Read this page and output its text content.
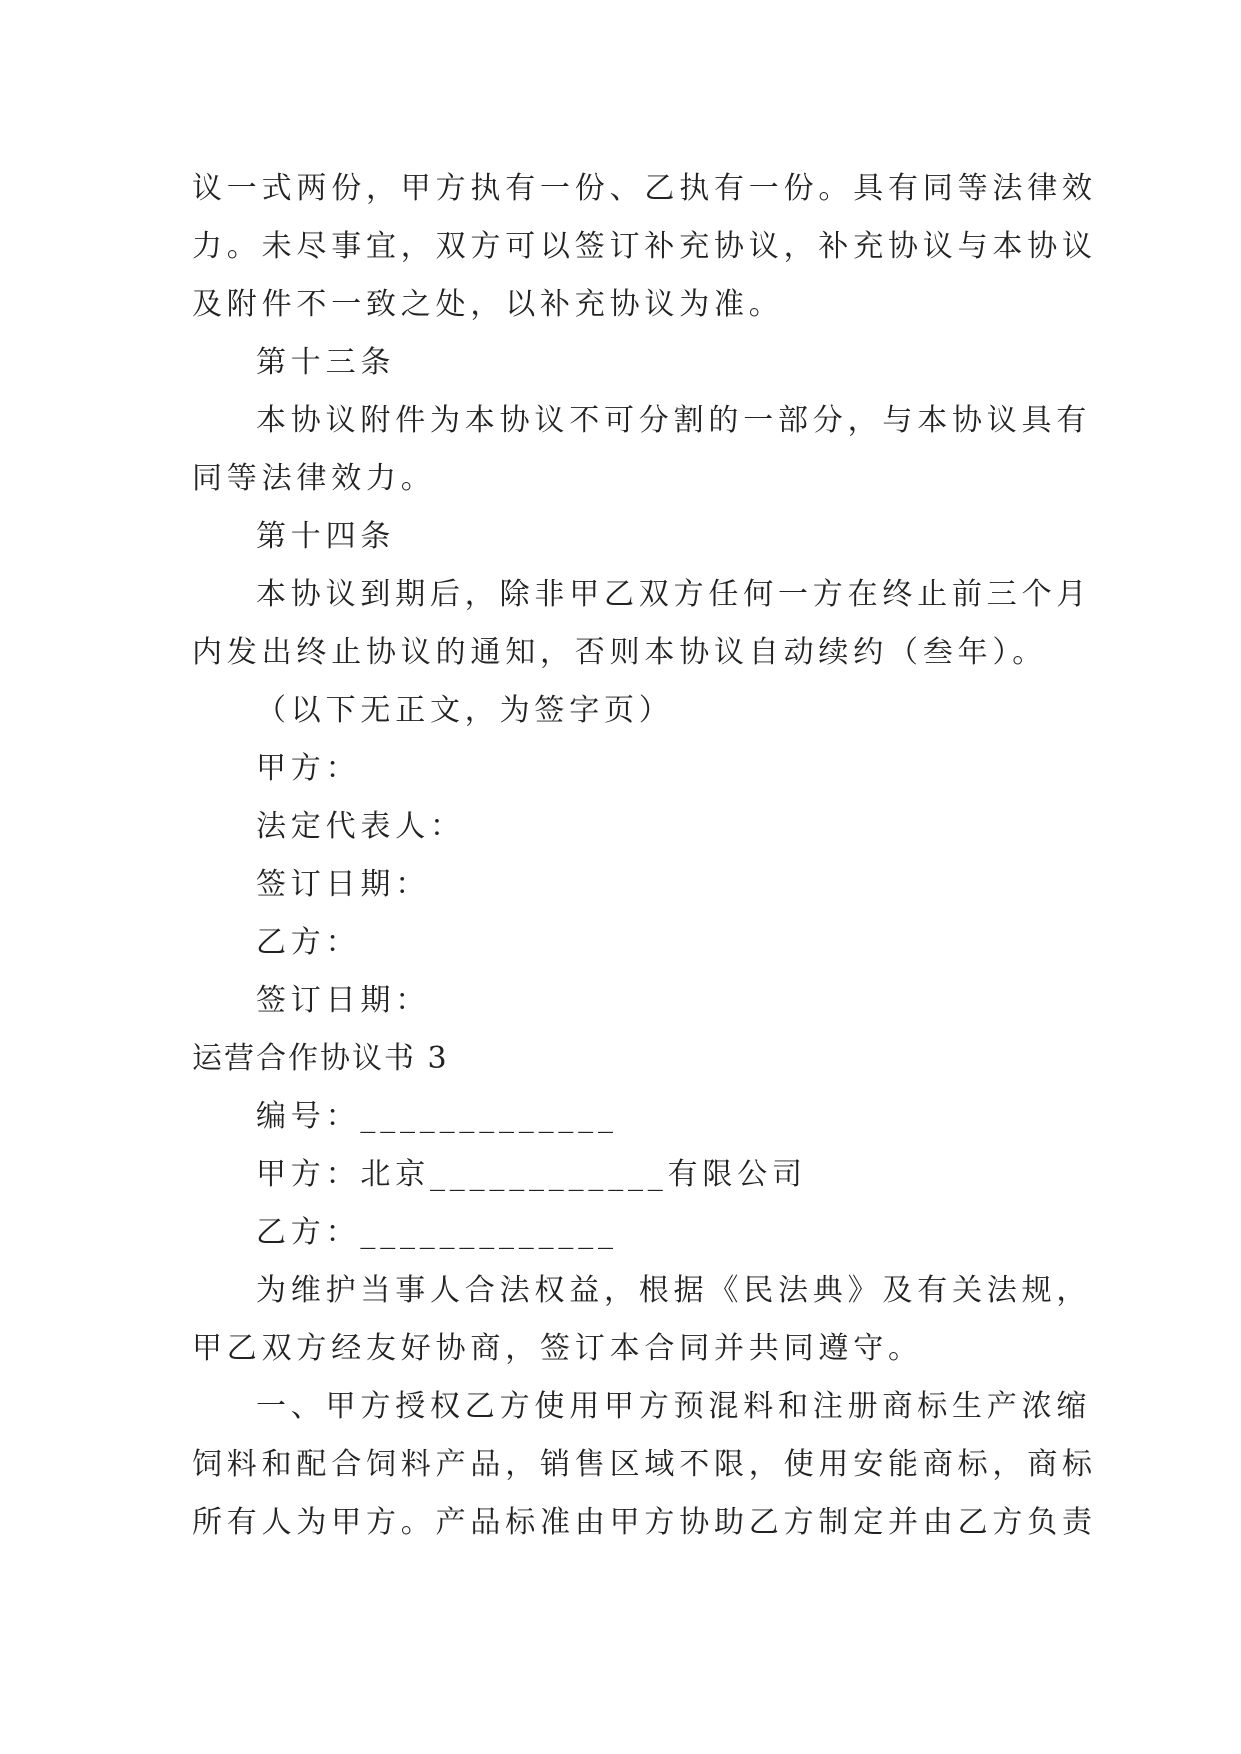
议一式两份，甲方执有一份、乙执有一份。具有同等法律效
力。未尽事宜，双方可以签订补充协议，补充协议与本协议
及附件不一致之处，以补充协议为准。
第十三条
本协议附件为本协议不可分割的一部分，与本协议具有
同等法律效力。
第十四条
本协议到期后，除非甲乙双方任何一方在终止前三个月
内发出终止协议的通知，否则本协议自动续约（叁年）。
（以下无正文，为签字页）
甲方：
法定代表人：
签订日期：
乙方：
签订日期：
运营合作协议书 3
编号：_____________
甲方：北京____________有限公司
乙方：_____________
为维护当事人合法权益，根据《民法典》及有关法规，
甲乙双方经友好协商，签订本合同并共同遵守。
一、甲方授权乙方使用甲方预混料和注册商标生产浓缩
饲料和配合饲料产品，销售区域不限，使用安能商标，商标
所有人为甲方。产品标准由甲方协助乙方制定并由乙方负责
